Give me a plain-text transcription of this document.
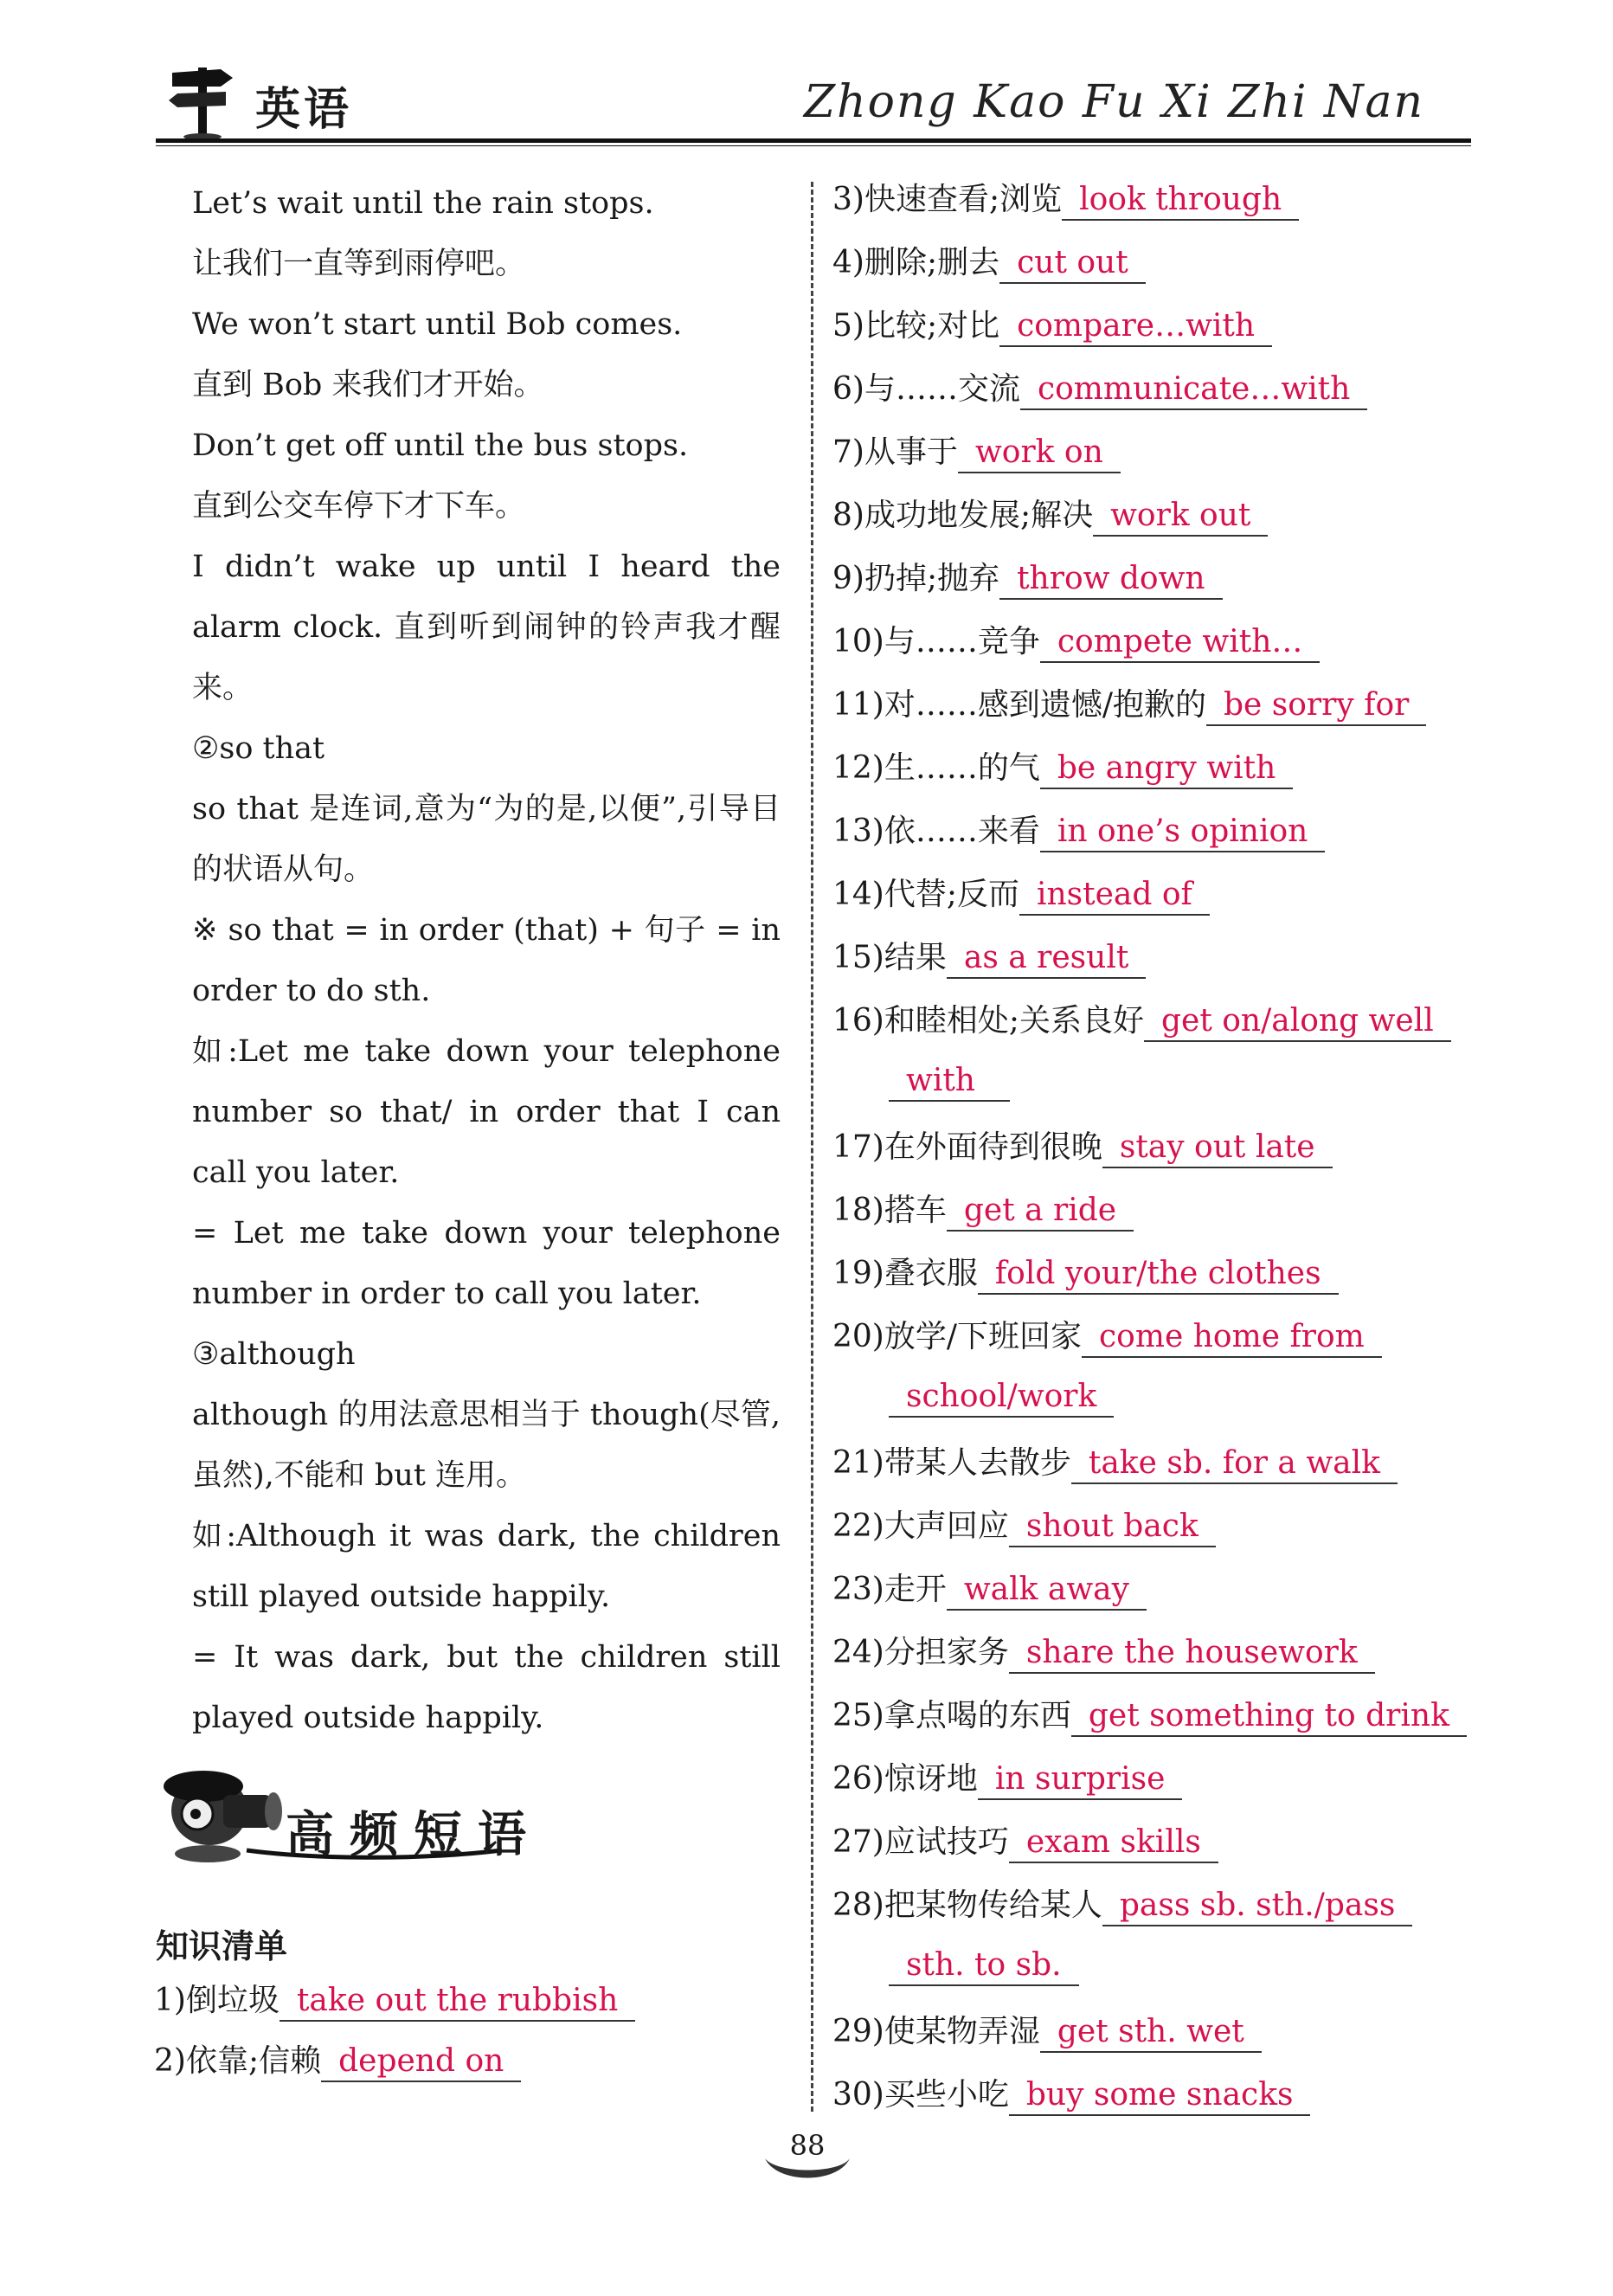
英语	Zhong Kao Fu Xi Zhi Nan

Let’s wait until the rain stops.

让我们一直等到雨停吧。

We won’t start until Bob comes.

直到 Bob 来我们才开始。

Don’t get off until the bus stops.

直到公交车停下才下车。

I didn’t wake up until I heard the alarm clock. 直到听到闹钟的铃声我才醒来。

②so that

so that 是连词,意为“为的是,以便”,引导目的状语从句。

※ so that = in order (that) + 句子 = in order to do sth.

如:Let me take down your telephone number so that/ in order that I can call you later.

= Let me take down your telephone number in order to call you later.

③although

although 的用法意思相当于 though(尽管,虽然),不能和 but 连用。

如:Although it was dark, the children still played outside happily.

= It was dark, but the children still played outside happily.

高频短语
知识清单
1)倒垃圾 take out the rubbish
2)依靠;信赖 depend on
3)快速查看;浏览 look through
4)删除;删去 cut out
5)比较;对比 compare…with
6)与……交流 communicate…with
7)从事于 work on
8)成功地发展;解决 work out
9)扔掉;抛弃 throw down
10)与……竞争 compete with…
11)对……感到遗憾/抱歉的 be sorry for
12)生……的气 be angry with
13)依……来看 in one’s opinion
14)代替;反而 instead of
15)结果 as a result
16)和睦相处;关系良好 get on/along well
with
17)在外面待到很晚 stay out late
18)搭车 get a ride
19)叠衣服 fold your/the clothes
20)放学/下班回家 come home from
school/work
21)带某人去散步 take sb. for a walk
22)大声回应 shout back
23)走开 walk away
24)分担家务 share the housework
25)拿点喝的东西 get something to drink
26)惊讶地 in surprise
27)应试技巧 exam skills
28)把某物传给某人 pass sb. sth./pass
sth. to sb.
29)使某物弄湿 get sth. wet
30)买些小吃 buy some snacks
88
